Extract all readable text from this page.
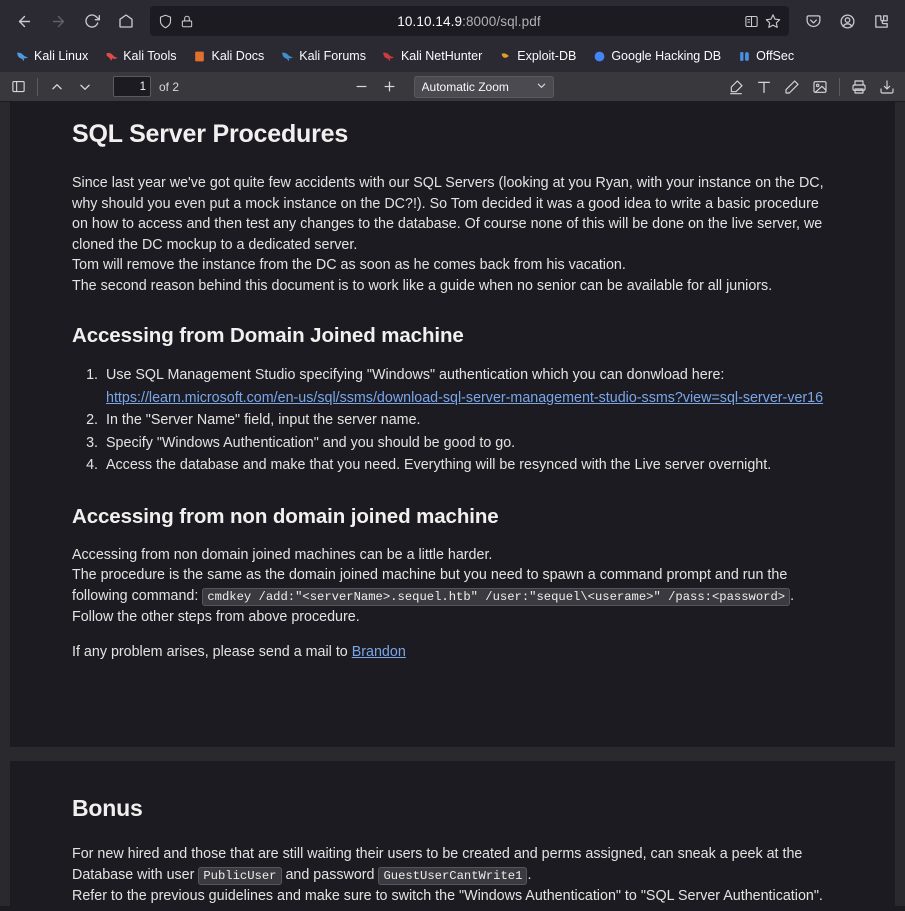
10.10.14.9:8000/sql.pdf
Kali Linux	Kali Tools	Kali Docs	Kali Forums	Kali NetHunter	Exploit-DB	Google Hacking DB	OffSec
1
of 2
Automatic Zoom
SQL Server Procedures

Since last year we've got quite few accidents with our SQL Servers (looking at you Ryan, with your instance on the DC, why should you even put a mock instance on the DC?!). So Tom decided it was a good idea to write a basic procedure on how to access and then test any changes to the database. Of course none of this will be done on the live server, we cloned the DC mockup to a dedicated server.

Tom will remove the instance from the DC as soon as he comes back from his vacation.

The second reason behind this document is to work like a guide when no senior can be available for all juniors.

Accessing from Domain Joined machine
1. Use SQL Management Studio specifying "Windows" authentication which you can donwload here:
https://learn.microsoft.com/en-us/sql/ssms/download-sql-server-management-studio-ssms?view=sql-server-ver16
2. In the "Server Name" field, input the server name.
3. Specify "Windows Authentication" and you should be good to go.
4. Access the database and make that you need. Everything will be resynced with the Live server overnight.
Accessing from non domain joined machine

Accessing from non domain joined machines can be a little harder.

The procedure is the same as the domain joined machine but you need to spawn a command prompt and run the following command: cmdkey /add:"<serverName>.sequel.htb" /user:"sequel\<userame>" /pass:<password> . Follow the other steps from above procedure.

If any problem arises, please send a mail to Brandon

Bonus

For new hired and those that are still waiting their users to be created and perms assigned, can sneak a peek at the Database with user PublicUser and password GuestUserCantWrite1 .

Refer to the previous guidelines and make sure to switch the "Windows Authentication" to "SQL Server Authentication".
